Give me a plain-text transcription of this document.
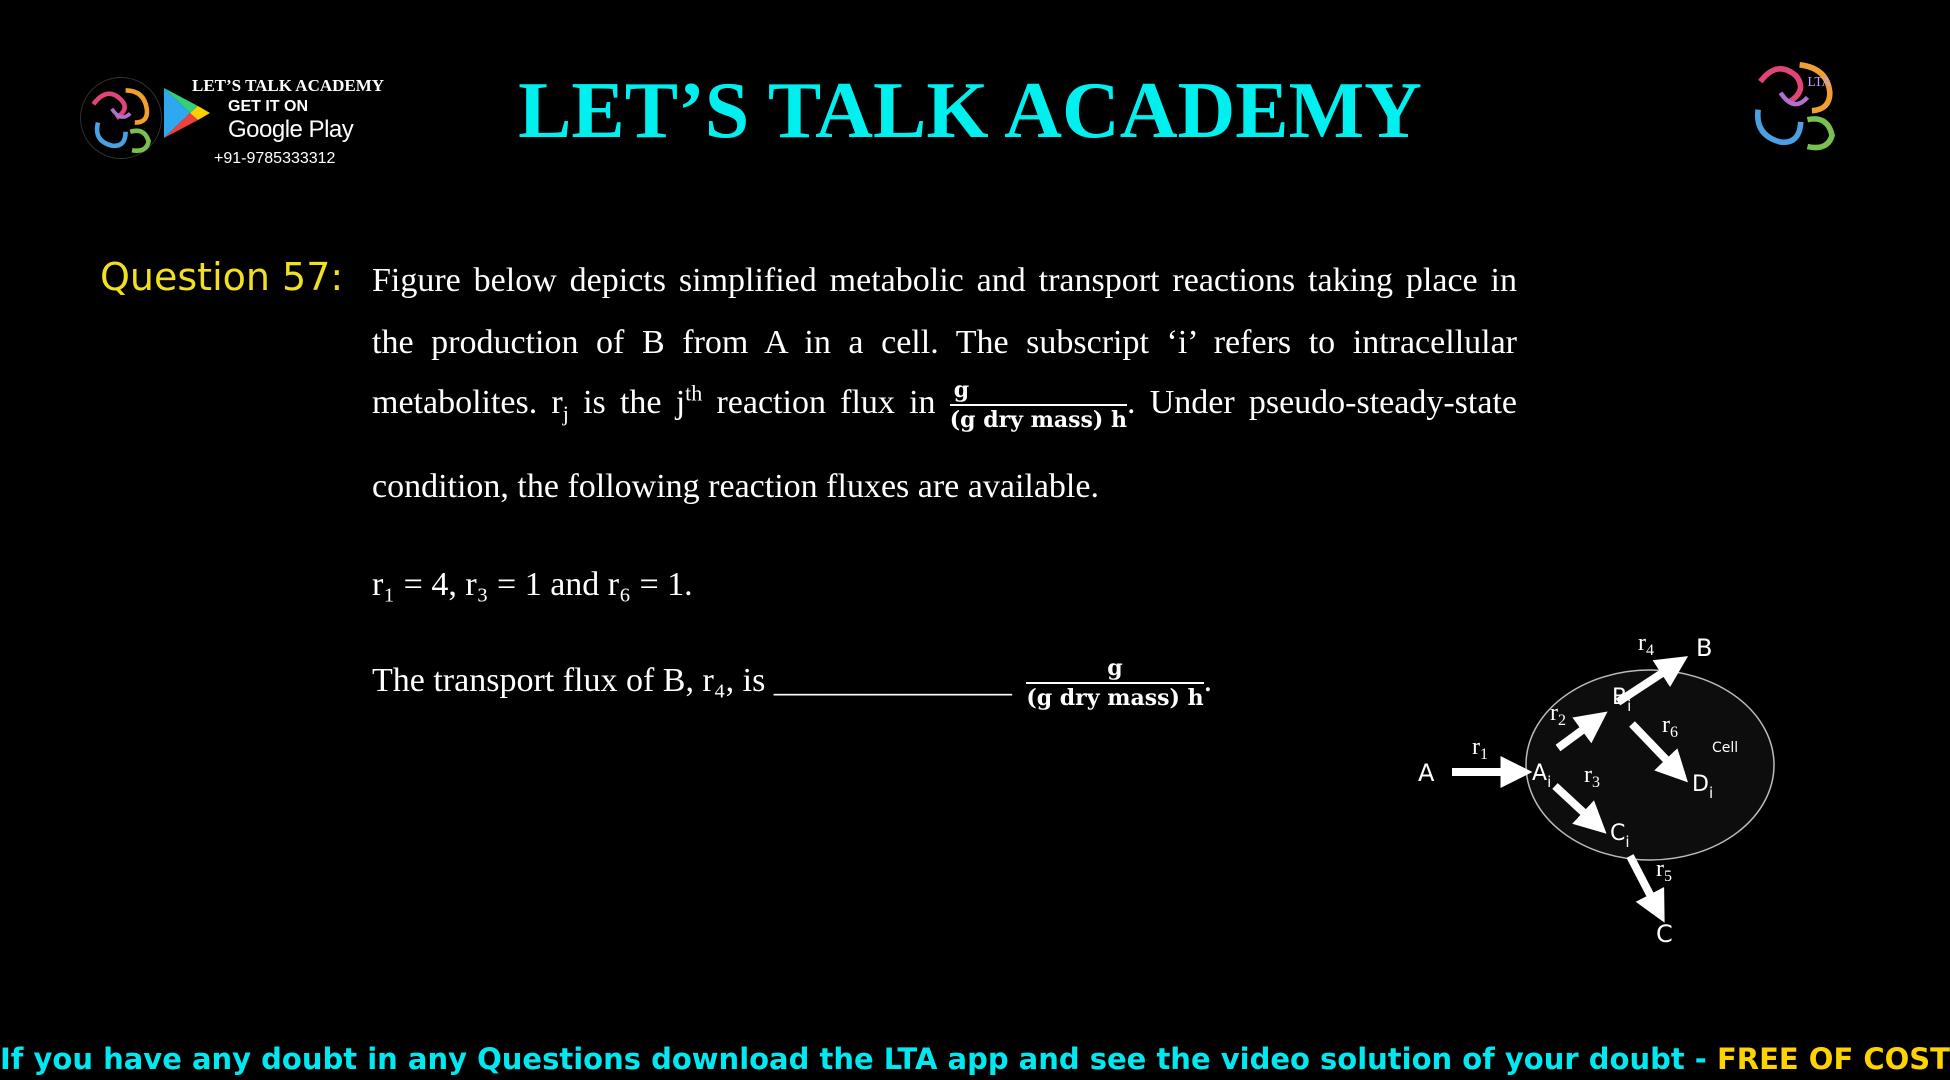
LET’S TALK ACADEMY
GET IT ON
Google Play
+91-9785333312
LET’S TALK ACADEMY	LTA
Question 57: Figure below depicts simplified metabolic and transport reactions taking place in
the production of B from A in a cell. The subscript ‘i’ refers to intracellular
metabolites. $r_j$ is the $j^{th}$ reaction flux in $\frac{g}{\text{(g dry mass) h}}$ . Under pseudo-steady-state
condition, the following reaction fluxes are available.
r₁ = 4, r₃ = 1 and r₆ = 1.
The transport flux of B, r₄, is ______________ $\frac{g}{\text{(g dry mass) h}}$ .
A	$A_i$
$B_i$
$C_i$
$D_i$
B
C
Cell
$r_1$
$r_2$
$r_3$
$r_4$
$r_5$
$r_6$
If you have any doubt in any Questions download the LTA app and see the video solution of your doubt - FREE OF COST
